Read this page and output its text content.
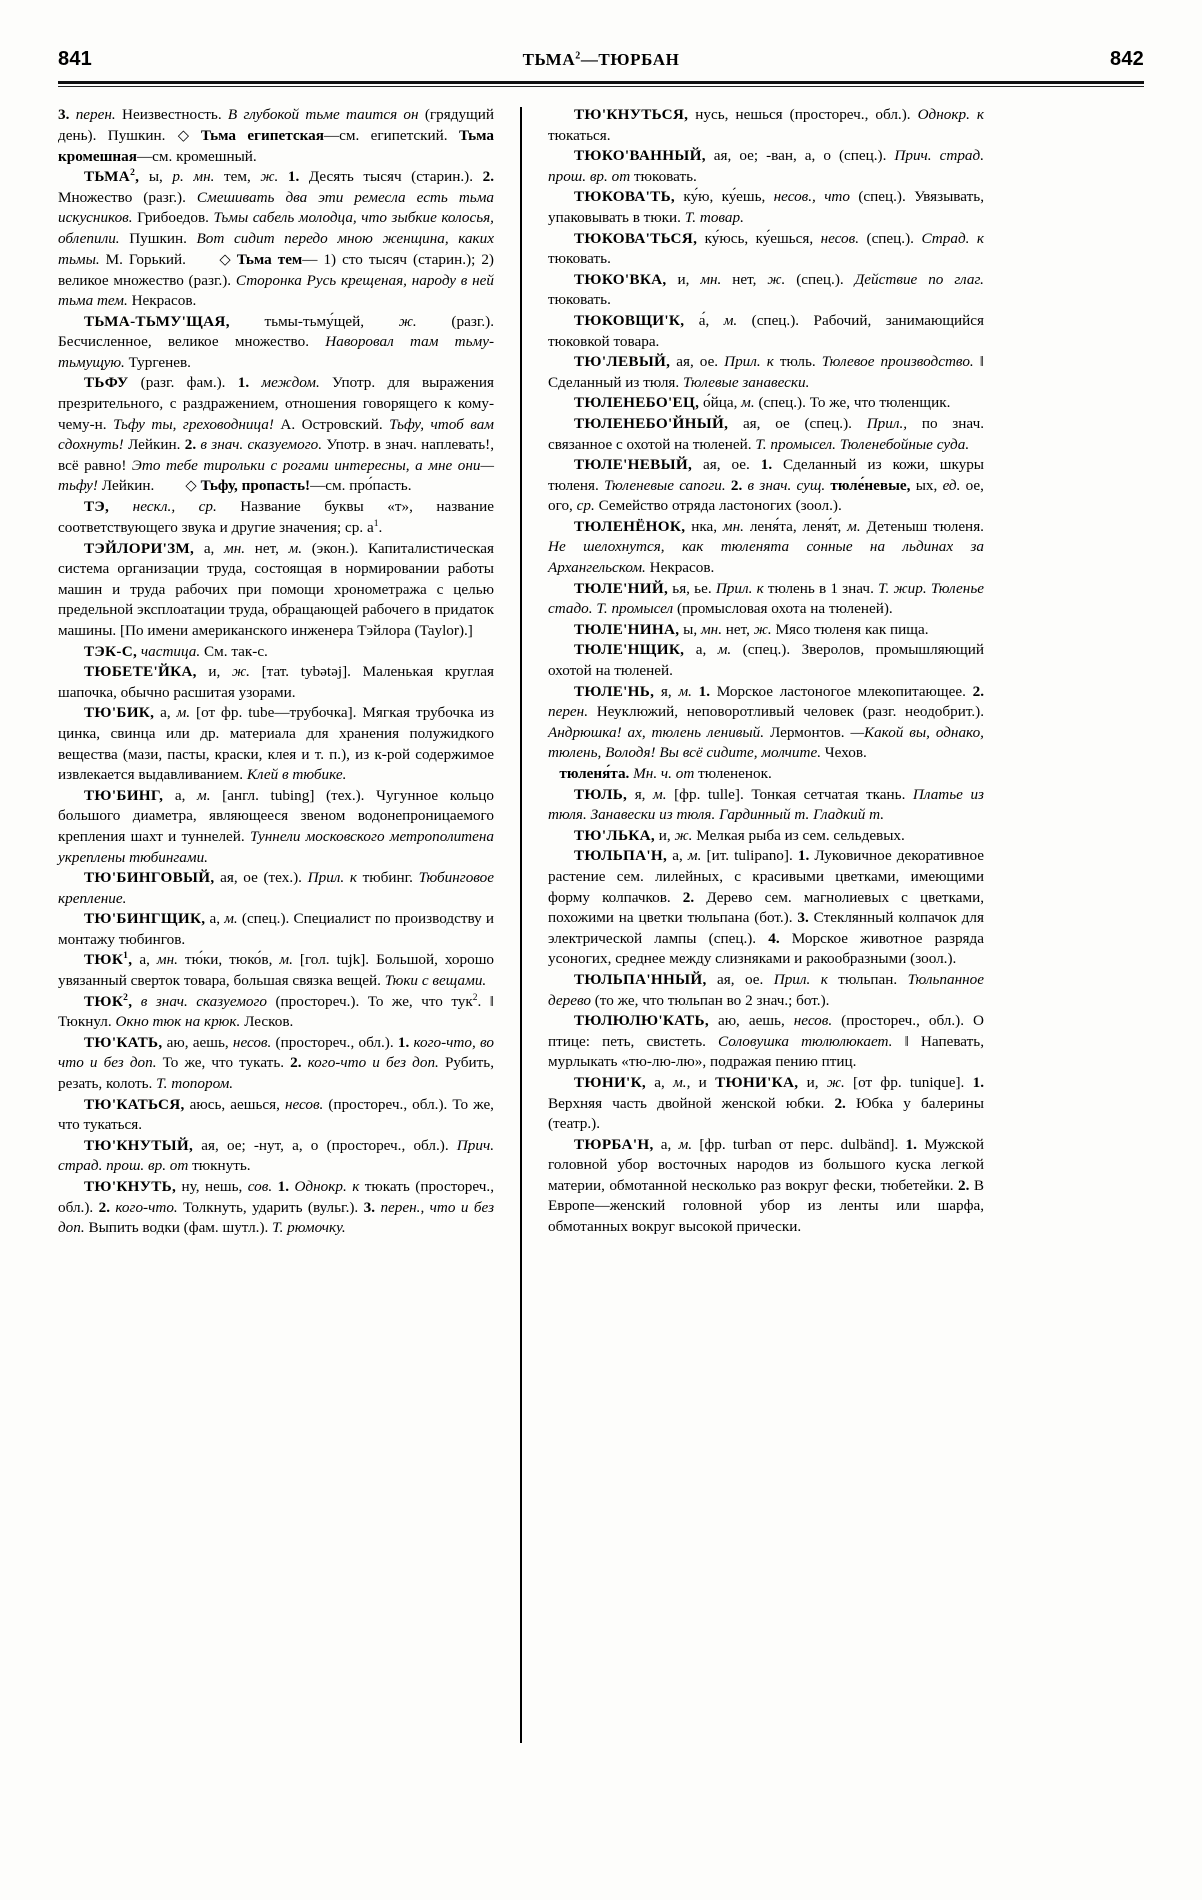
841	ТЬМА$^2$—ТЮРБАН	842

3. перен. Неизвестность. В глубокой тьме таится он (грядущий день). Пушкин. ◇ Тьма египетская—см. египетский. Тьма кромешная—см. кромешный.

ТЬМА$^2$, ы, р. мн. тем, ж. 1. Десять тысяч (старин.). 2. Множество (разг.). Смешивать два эти ремесла есть тьма искусников. Грибоедов. Тьмы сабель молодца, что зыбкие колосья, облепили. Пушкин. Вот сидит передо мною женщина, каких тьмы. М. Горький. ◇ Тьма тем— 1) сто тысяч (старин.); 2) великое множество (разг.). Сторонка Русь крещеная, народу в ней тьма тем. Некрасов.

ТЬМА-ТЬМУ'ЩАЯ, тьмы-тьму́щей, ж. (разг.). Бесчисленное, великое множество. Наворовал там тьму-тьмущую. Тургенев.

ТЬФУ (разг. фам.). 1. междом. Употр. для выражения презрительного, с раздражением, отношения говорящего к кому-чему-н. Тьфу ты, греховодница! А. Островский. Тьфу, чтоб вам сдохнуть! Лейкин. 2. в знач. сказуемого. Употр. в знач. наплевать!, всё равно! Это тебе тирольки с рогами интересны, а мне они—тьфу! Лейкин. ◇ Тьфу, пропасть!—см. про́пасть.

ТЭ, нескл., ср. Название буквы «т», название соответствующего звука и другие значения; ср. $а^1$.

ТЭЙЛОРИ'ЗМ, а, мн. нет, м. (экон.). Капиталистическая система организации труда, состоящая в нормировании работы машин и труда рабочих при помощи хронометража с целью предельной эксплоатации труда, обращающей рабочего в придаток машины. [По имени американского инженера Тэйлора (Taylor).]

ТЭК-С, частица. См. так-с.

ТЮБЕТЕ'ЙКА, и, ж. [тат. tybətəj]. Маленькая круглая шапочка, обычно расшитая узорами.

ТЮ'БИК, а, м. [от фр. tube—трубочка]. Мягкая трубочка из цинка, свинца или др. материала для хранения полужидкого вещества (мази, пасты, краски, клея и т. п.), из к-рой содержимое извлекается выдавливанием. Клей в тюбике.

ТЮ'БИНГ, а, м. [англ. tubing] (тех.). Чугунное кольцо большого диаметра, являющееся звеном водонепроницаемого крепления шахт и туннелей. Туннели московского метрополитена укреплены тюбингами.

ТЮ'БИНГОВЫЙ, ая, ое (тех.). Прил. к тюбинг. Тюбинговое крепление.

ТЮ'БИНГЩИК, а, м. (спец.). Специалист по производству и монтажу тюбингов.

ТЮК$^1$, а, мн. тю́ки, тюко́в, м. [гол. tujk]. Большой, хорошо увязанный сверток товара, большая связка вещей. Тюки с вещами.

ТЮК$^2$, в знач. сказуемого (простореч.). То же, что тук$^2$. ‖ Тюкнул. Окно тюк на крюк. Лесков.

ТЮ'КАТЬ, аю, аешь, несов. (простореч., обл.). 1. кого-что, во что и без доп. То же, что тукать. 2. кого-что и без доп. Рубить, резать, колоть. Т. топором.

ТЮ'КАТЬСЯ, аюсь, аешься, несов. (простореч., обл.). То же, что тукаться.

ТЮ'КНУТЫЙ, ая, ое; -нут, а, о (простореч., обл.). Прич. страд. прош. вр. от тюкнуть.

ТЮ'КНУТЬ, ну, нешь, сов. 1. Однокр. к тюкать (простореч., обл.). 2. кого-что. Толкнуть, ударить (вульг.). 3. перен., что и без доп. Выпить водки (фам. шутл.). Т. рюмочку.

ТЮ'КНУТЬСЯ, нусь, нешься (простореч., обл.). Однокр. к тюкаться.

ТЮКО'ВАННЫЙ, ая, ое; -ван, а, о (спец.). Прич. страд. прош. вр. от тюковать.

ТЮКОВА'ТЬ, ку́ю, ку́ешь, несов., что (спец.). Увязывать, упаковывать в тюки. Т. товар.

ТЮКОВА'ТЬСЯ, ку́юсь, ку́ешься, несов. (спец.). Страд. к тюковать.

ТЮКО'ВКА, и, мн. нет, ж. (спец.). Действие по глаг. тюковать.

ТЮКОВЩИ'К, а́, м. (спец.). Рабочий, занимающийся тюковкой товара.

ТЮ'ЛЕВЫЙ, ая, ое. Прил. к тюль. Тюлевое производство. ‖ Сделанный из тюля. Тюлевые занавески.

ТЮЛЕНЕБО'ЕЦ, о́йца, м. (спец.). То же, что тюленщик.

ТЮЛЕНЕБО'ЙНЫЙ, ая, ое (спец.). Прил., по знач. связанное с охотой на тюленей. Т. промысел. Тюленебойные суда.

ТЮЛЕ'НЕВЫЙ, ая, ое. 1. Сделанный из кожи, шкуры тюленя. Тюленевые сапоги. 2. в знач. сущ. тюле́невые, ых, ед. ое, ого, ср. Семейство отряда ластоногих (зоол.).

ТЮЛЕНЁНОК, нка, мн. леня́та, леня́т, м. Детеныш тюленя. Не шелохнутся, как тюленята сонные на льдинах за Архангельском. Некрасов.

ТЮЛЕ'НИЙ, ья, ье. Прил. к тюлень в 1 знач. Т. жир. Тюленье стадо. Т. промысел (промысловая охота на тюленей).

ТЮЛЕ'НИНА, ы, мн. нет, ж. Мясо тюленя как пища.

ТЮЛЕ'НЩИК, а, м. (спец.). Зверолов, промышляющий охотой на тюленей.

ТЮЛЕ'НЬ, я, м. 1. Морское ластоногое млекопитающее. 2. перен. Неуклюжий, неповоротливый человек (разг. неодобрит.). Андрюшка! ах, тюлень ленивый. Лермонтов. —Какой вы, однако, тюлень, Володя! Вы всё сидите, молчите. Чехов.

тюленя́та. Мн. ч. от тюлененок.

ТЮЛЬ, я, м. [фр. tulle]. Тонкая сетчатая ткань. Платье из тюля. Занавески из тюля. Гардинный т. Гладкий т.

ТЮ'ЛЬКА, и, ж. Мелкая рыба из сем. сельдевых.

ТЮЛЬПА'Н, а, м. [ит. tulipano]. 1. Луковичное декоративное растение сем. лилейных, с красивыми цветками, имеющими форму колпачков. 2. Дерево сем. магнолиевых с цветками, похожими на цветки тюльпана (бот.). 3. Стеклянный колпачок для электрической лампы (спец.). 4. Морское животное разряда усоногих, среднее между слизняками и ракообразными (зоол.).

ТЮЛЬПА'ННЫЙ, ая, ое. Прил. к тюльпан. Тюльпанное дерево (то же, что тюльпан во 2 знач.; бот.).

ТЮЛЮЛЮ'КАТЬ, аю, аешь, несов. (простореч., обл.). О птице: петь, свистеть. Соловушка тюлюлюкает. ‖ Напевать, мурлыкать «тю-лю-лю», подражая пению птиц.

ТЮНИ'К, а, м., и ТЮНИ'КА, и, ж. [от фр. tunique]. 1. Верхняя часть двойной женской юбки. 2. Юбка у балерины (театр.).

ТЮРБА'Н, а, м. [фр. turban от перс. dulbänd]. 1. Мужской головной убор восточных народов из большого куска легкой материи, обмотанной несколько раз вокруг фески, тюбетейки. 2. В Европе—женский головной убор из ленты или шарфа, обмотанных вокруг высокой прически.
